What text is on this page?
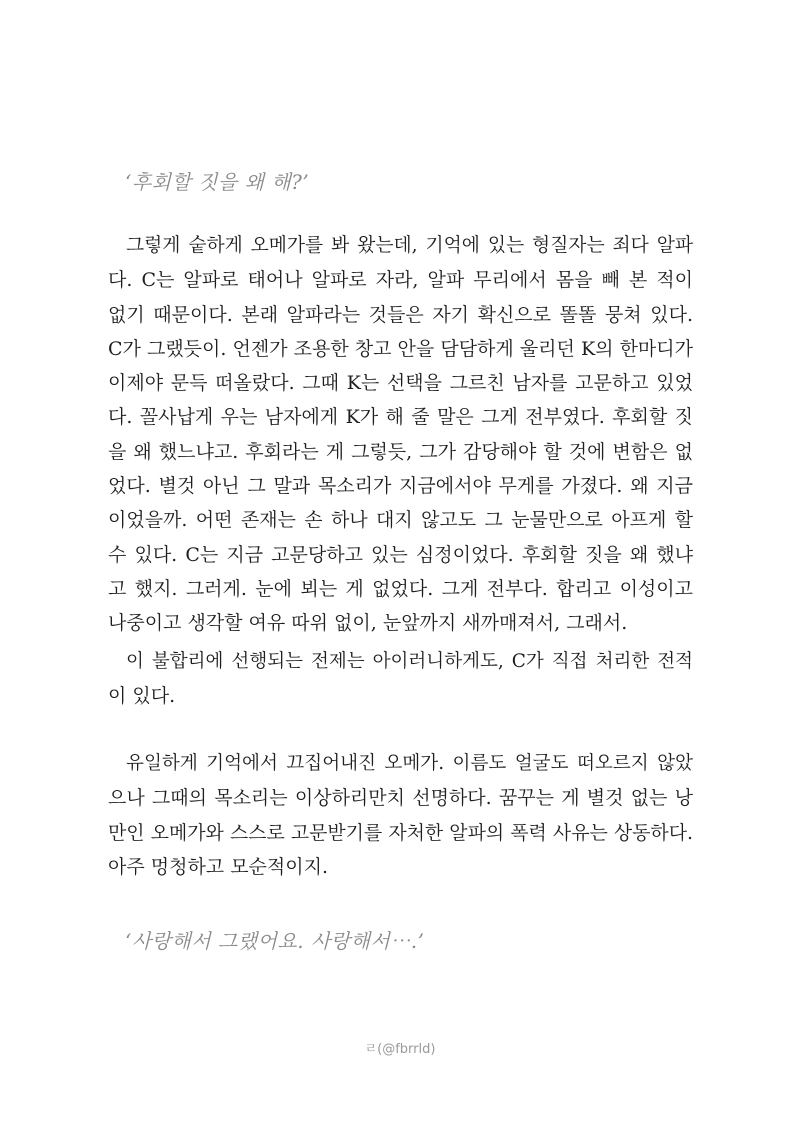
‘후회할 짓을 왜 해?’
그렇게 숱하게 오메가를 봐 왔는데, 기억에 있는 형질자는 죄다 알파
다. C는 알파로 태어나 알파로 자라, 알파 무리에서 몸을 빼 본 적이
없기 때문이다. 본래 알파라는 것들은 자기 확신으로 똘똘 뭉쳐 있다.
C가 그랬듯이. 언젠가 조용한 창고 안을 담담하게 울리던 K의 한마디가
이제야 문득 떠올랐다. 그때 K는 선택을 그르친 남자를 고문하고 있었
다. 꼴사납게 우는 남자에게 K가 해 줄 말은 그게 전부였다. 후회할 짓
을 왜 했느냐고. 후회라는 게 그렇듯, 그가 감당해야 할 것에 변함은 없
었다. 별것 아닌 그 말과 목소리가 지금에서야 무게를 가졌다. 왜 지금
이었을까. 어떤 존재는 손 하나 대지 않고도 그 눈물만으로 아프게 할
수 있다. C는 지금 고문당하고 있는 심정이었다. 후회할 짓을 왜 했냐
고 했지. 그러게. 눈에 뵈는 게 없었다. 그게 전부다. 합리고 이성이고
나중이고 생각할 여유 따위 없이, 눈앞까지 새까매져서, 그래서.
이 불합리에 선행되는 전제는 아이러니하게도, C가 직접 처리한 전적
이 있다.
유일하게 기억에서 끄집어내진 오메가. 이름도 얼굴도 떠오르지 않았
으나 그때의 목소리는 이상하리만치 선명하다. 꿈꾸는 게 별것 없는 낭
만인 오메가와 스스로 고문받기를 자처한 알파의 폭력 사유는 상동하다.
아주 멍청하고 모순적이지.
‘사랑해서 그랬어요. 사랑해서⋯.’
ㄹ(@fbrrld)
